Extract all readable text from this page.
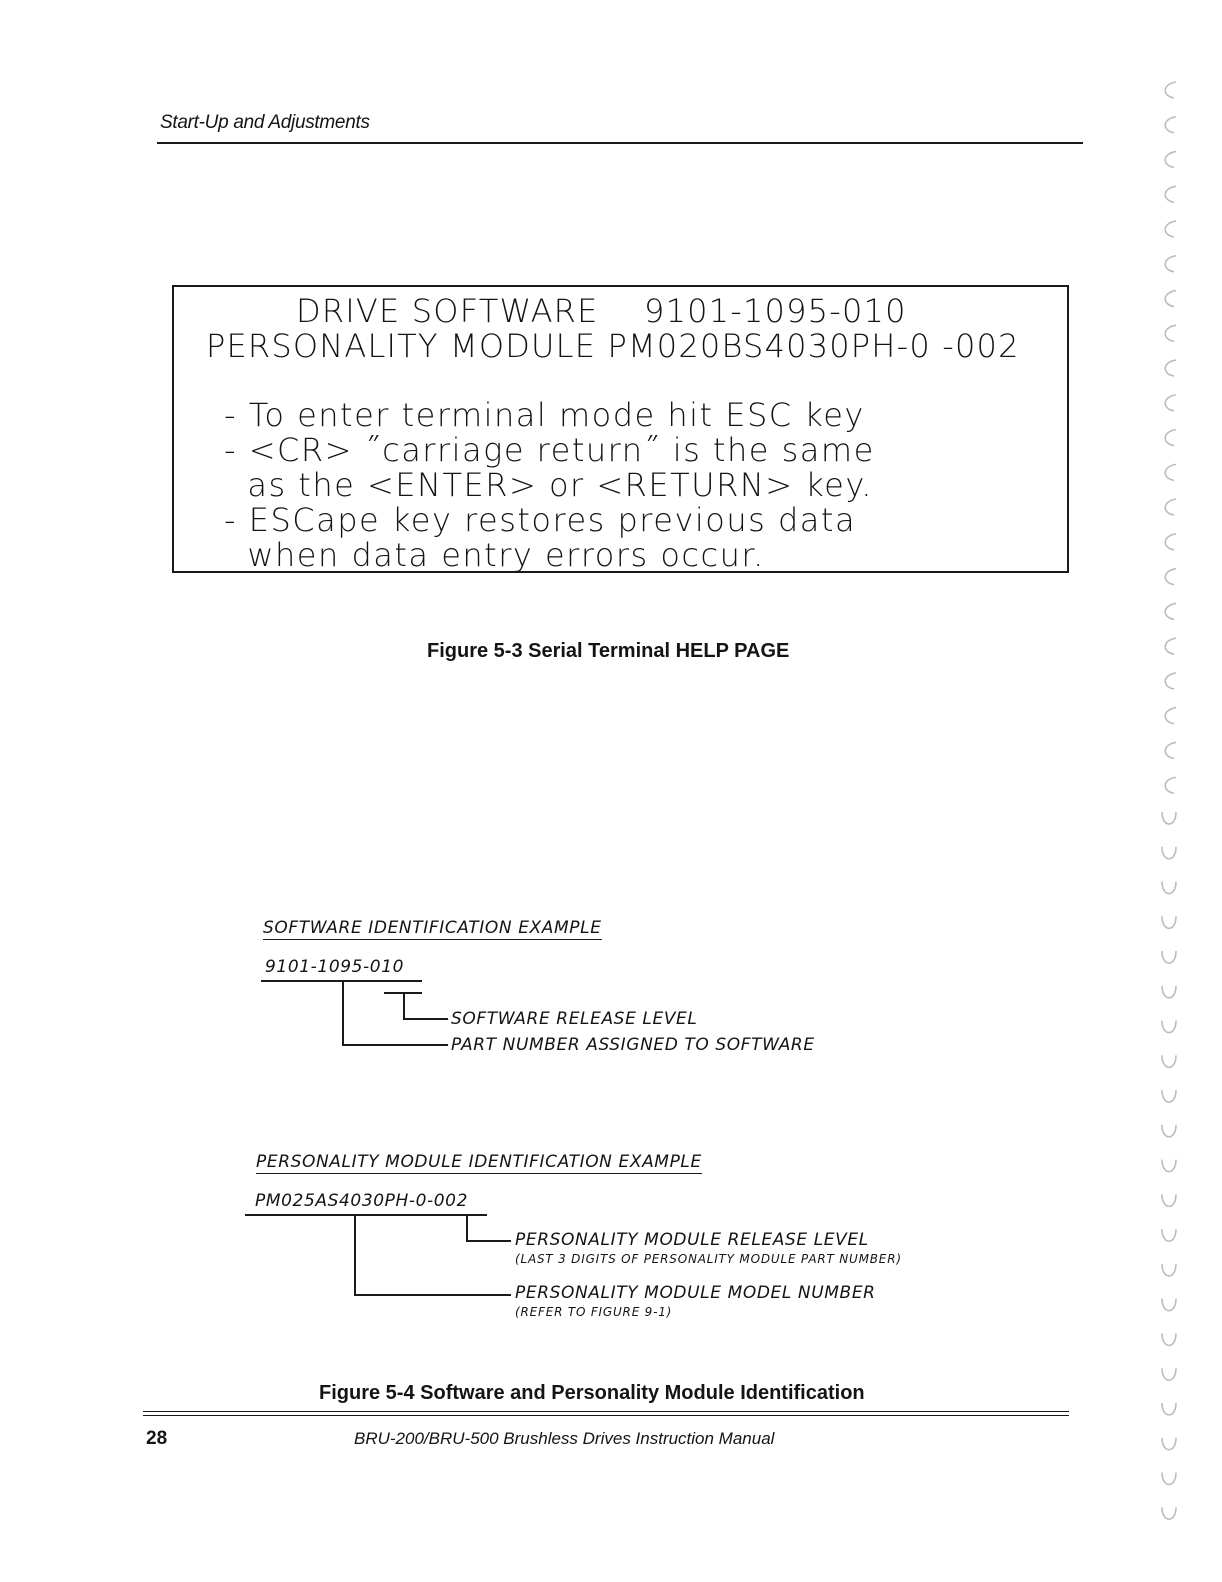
Start-Up and Adjustments
DRIVE SOFTWARE    9101-1095-010
PERSONALITY MODULE PM020BS4030PH-0 -002
- To enter terminal mode hit ESC key
- <CR> ˝carriage return˝ is the same
as the <ENTER> or <RETURN> key.
- ESCape key restores previous data
when data entry errors occur.
Figure 5-3 Serial Terminal HELP PAGE
SOFTWARE IDENTIFICATION EXAMPLE
9101-1095-010
SOFTWARE RELEASE LEVEL
PART NUMBER ASSIGNED TO SOFTWARE
PERSONALITY MODULE IDENTIFICATION EXAMPLE
PM025AS4030PH-0-002
PERSONALITY MODULE RELEASE LEVEL
(LAST 3 DIGITS OF PERSONALITY MODULE PART NUMBER)
PERSONALITY MODULE MODEL NUMBER
(REFER TO FIGURE 9-1)
Figure 5-4 Software and Personality Module Identification
28	BRU-200/BRU-500 Brushless Drives Instruction Manual
